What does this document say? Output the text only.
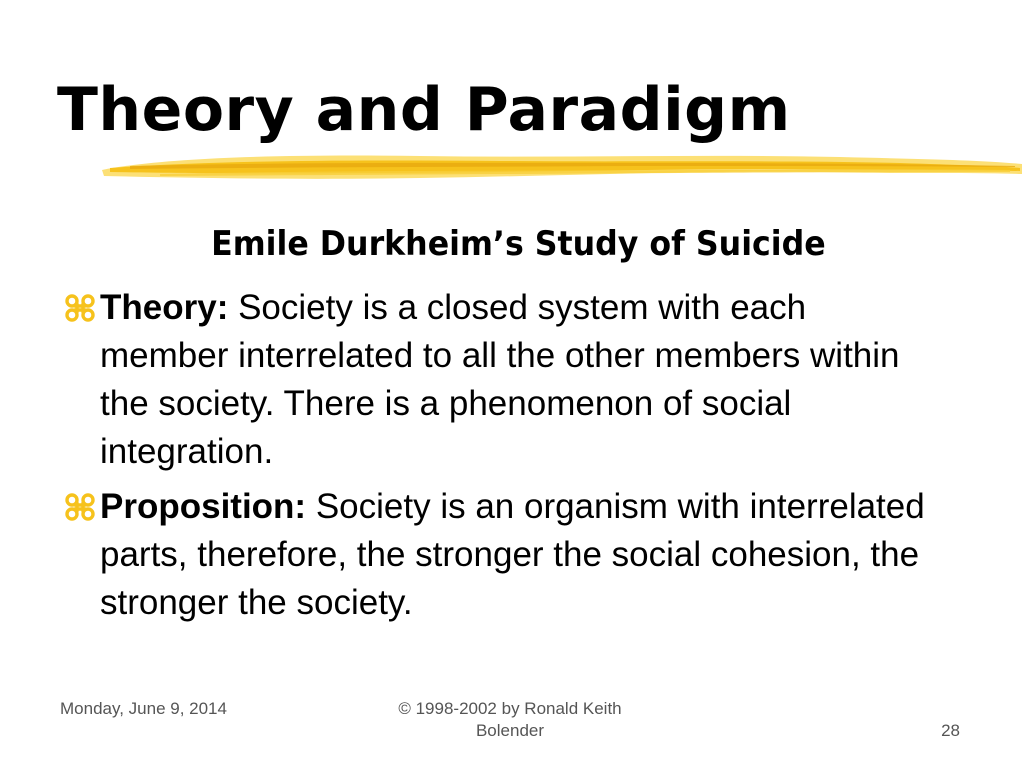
Theory and Paradigm
Emile Durkheim’s Study of Suicide
Theory: Society is a closed system with each member interrelated to all the other members within the society. There is a phenomenon of social integration.
Proposition: Society is an organism with interrelated parts, therefore, the stronger the social cohesion, the stronger the society.

Monday, June 9, 2014	© 1998-2002 by Ronald Keith Bolender	28
